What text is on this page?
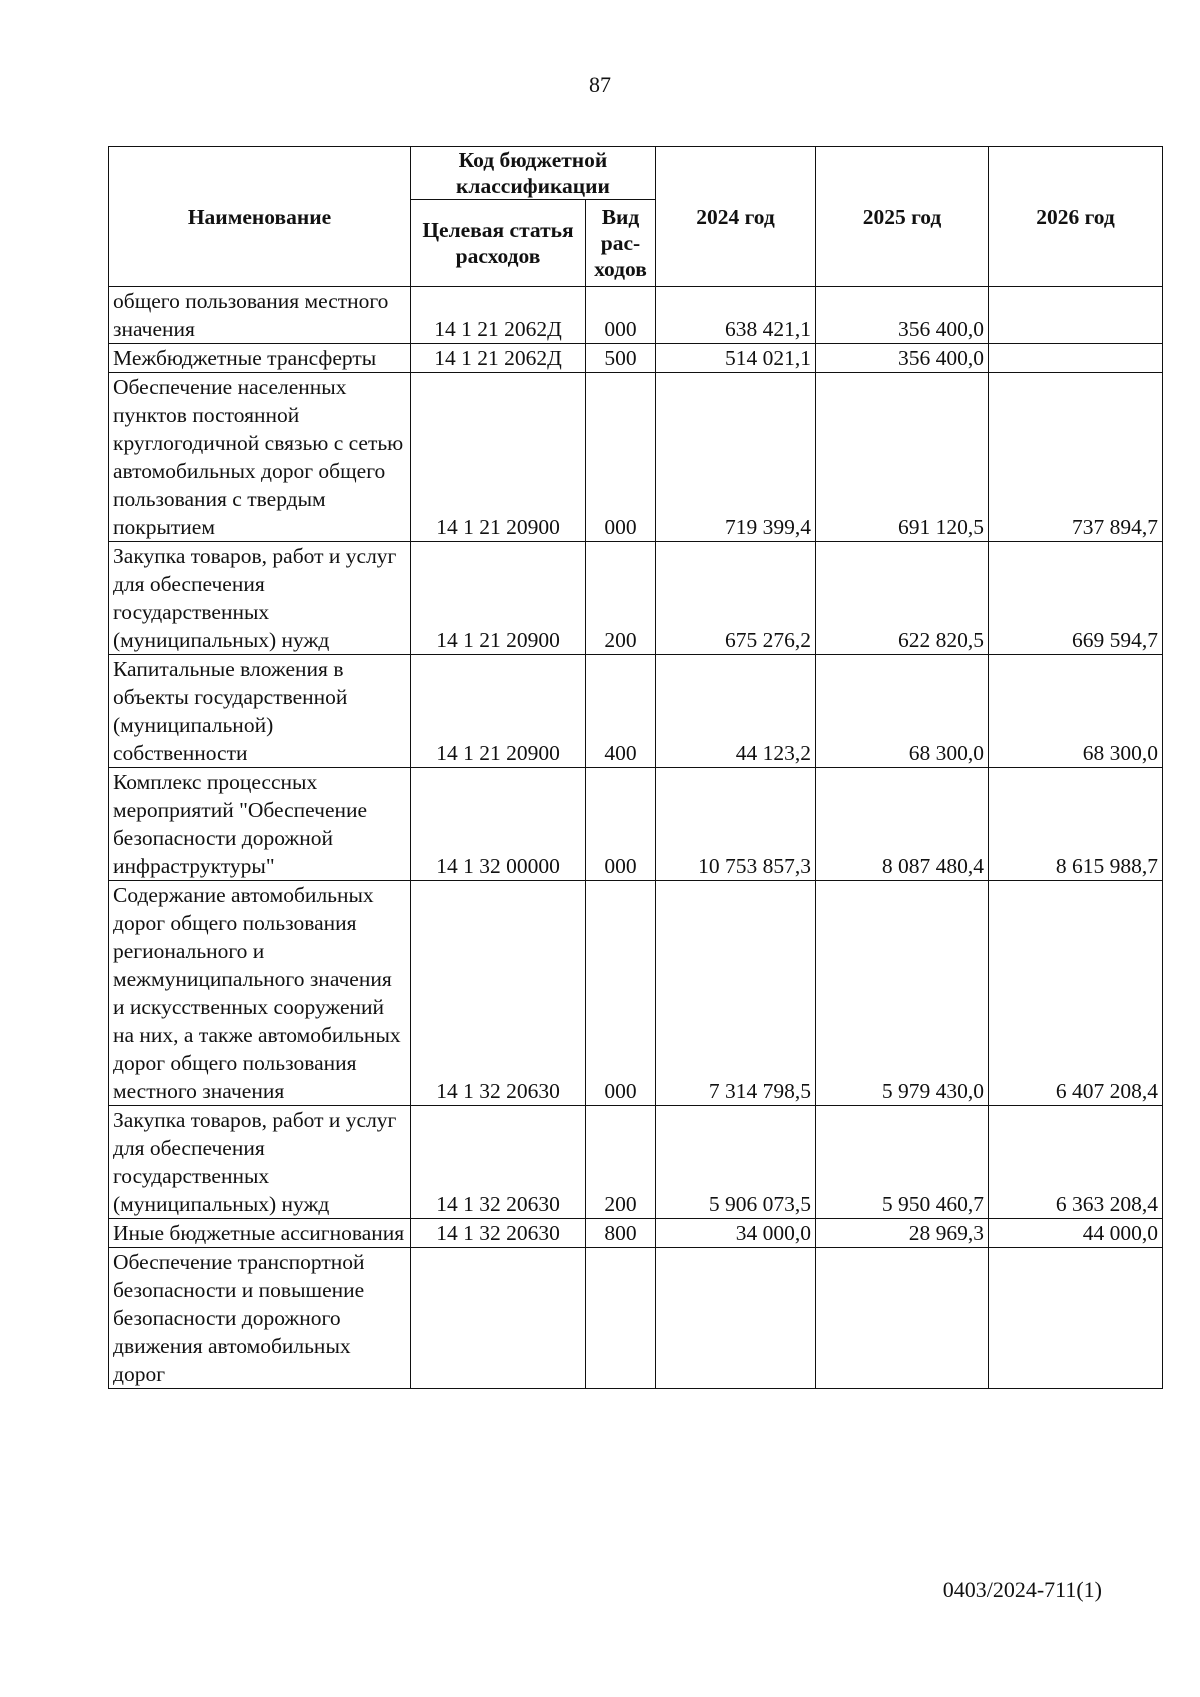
87
Наименование	Код бюджетной классификации		2024 год	2025 год	2026 год
	Целевая статья расходов	Вид рас-ходов			
общего пользования местного значения	14 1 21 2062Д	000	638 421,1	356 400,0	
Межбюджетные трансферты	14 1 21 2062Д	500	514 021,1	356 400,0	
Обеспечение населенных пунктов постоянной круглогодичной связью с сетью автомобильных дорог общего пользования с твердым покрытием	14 1 21 20900	000	719 399,4	691 120,5	737 894,7
Закупка товаров, работ и услуг для обеспечения государственных (муниципальных) нужд	14 1 21 20900	200	675 276,2	622 820,5	669 594,7
Капитальные вложения в объекты государственной (муниципальной) собственности	14 1 21 20900	400	44 123,2	68 300,0	68 300,0
Комплекс процессных мероприятий "Обеспечение безопасности дорожной инфраструктуры"	14 1 32 00000	000	10 753 857,3	8 087 480,4	8 615 988,7
Содержание автомобильных дорог общего пользования регионального и межмуниципального значения и искусственных сооружений на них, а также автомобильных дорог общего пользования местного значения	14 1 32 20630	000	7 314 798,5	5 979 430,0	6 407 208,4
Закупка товаров, работ и услуг для обеспечения государственных (муниципальных) нужд	14 1 32 20630	200	5 906 073,5	5 950 460,7	6 363 208,4
Иные бюджетные ассигнования	14 1 32 20630	800	34 000,0	28 969,3	44 000,0
Обеспечение транспортной безопасности и повышение безопасности дорожного движения автомобильных дорог					
0403/2024-711(1)
